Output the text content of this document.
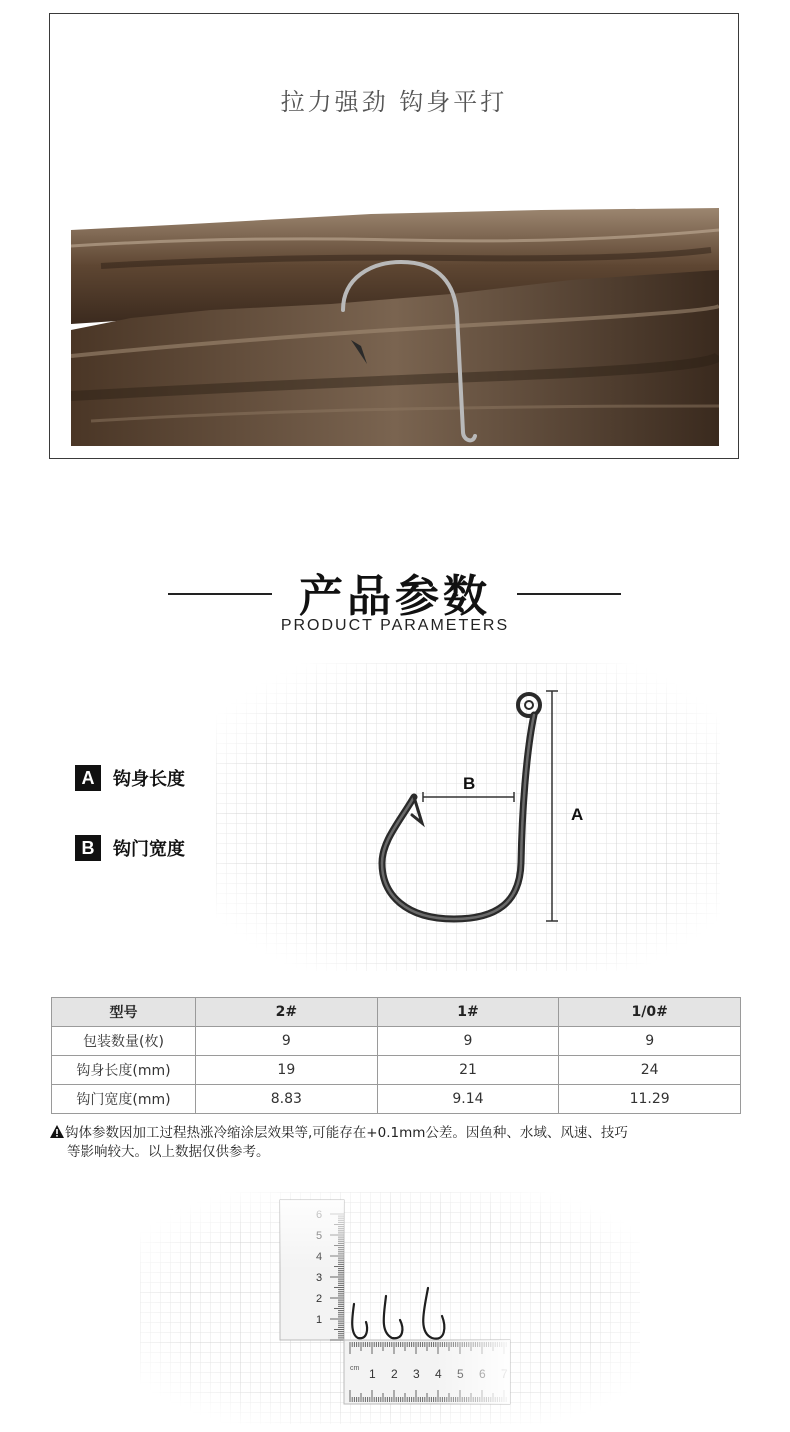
拉力强劲 钩身平打
产品参数
PRODUCT PARAMETERS
A	钩身长度
B	钩门宽度
A
B
型号	2#	1#	1/0#
包装数量(枚)	9	9	9
钩身长度(mm)	19	21	24
钩门宽度(mm)	8.83	9.14	11.29
钩体参数因加工过程热涨冷缩涂层效果等,可能存在+0.1mm公差。因鱼种、水域、风速、技巧
等影响较大。以上数据仅供参考。
cm
